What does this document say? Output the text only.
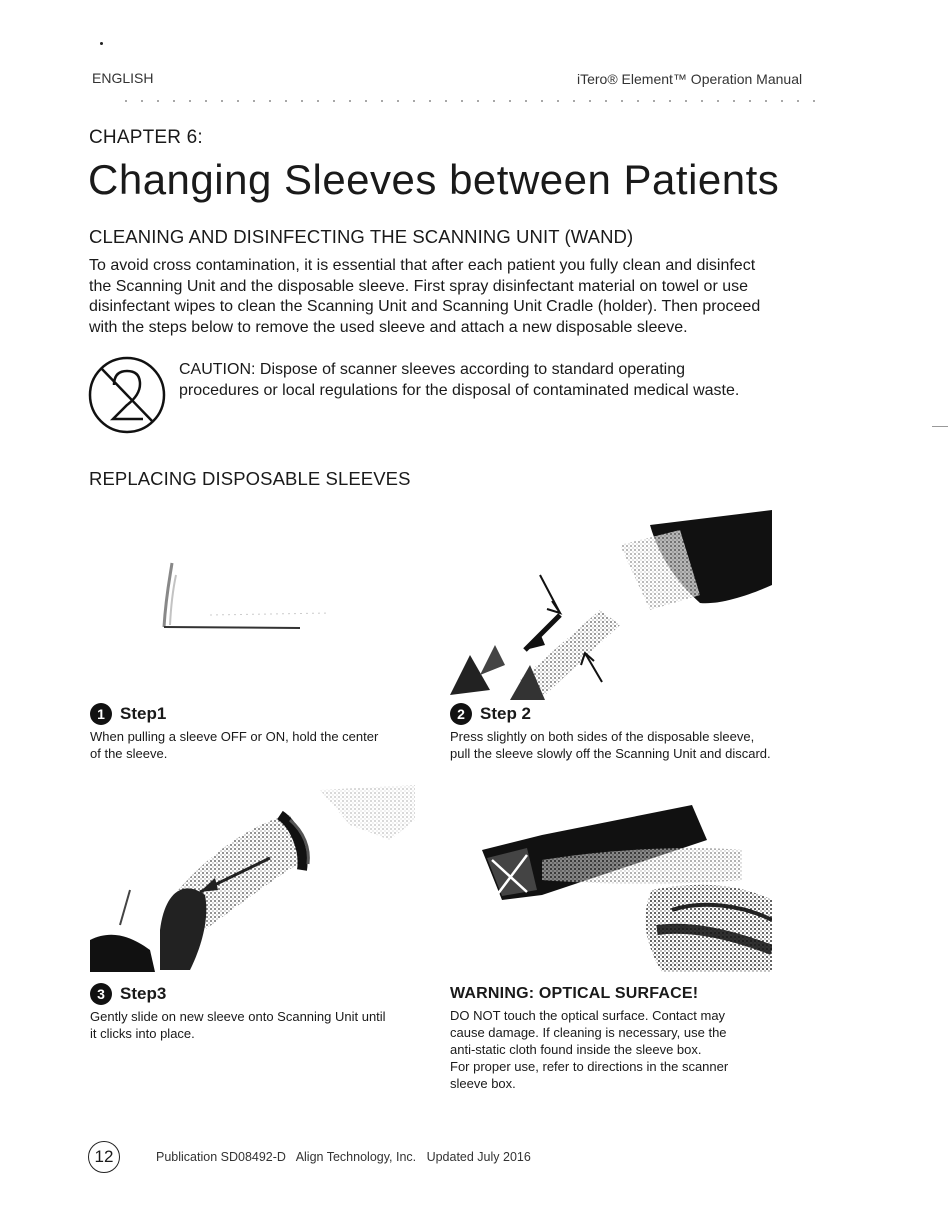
ENGLISH	iTero® Element™ Operation Manual
CHAPTER 6:
Changing Sleeves between Patients
CLEANING AND DISINFECTING THE SCANNING UNIT (WAND)
To avoid cross contamination, it is essential that after each patient you fully clean and disinfect
the Scanning Unit and the disposable sleeve. First spray disinfectant material on towel or use
disinfectant wipes to clean the Scanning Unit and Scanning Unit Cradle (holder). Then proceed
with the steps below to remove the used sleeve and attach a new disposable sleeve.
CAUTION: Dispose of scanner sleeves according to standard operating
procedures or local regulations for the disposal of contaminated medical waste.
REPLACING DISPOSABLE SLEEVES
1 Step1
When pulling a sleeve OFF or ON, hold the center
of the sleeve.
2 Step 2
Press slightly on both sides of the disposable sleeve,
pull the sleeve slowly off the Scanning Unit and discard.
3 Step3
Gently slide on new sleeve onto Scanning Unit until
it clicks into place.
WARNING: OPTICAL SURFACE!
DO NOT touch the optical surface. Contact may
cause damage. If cleaning is necessary, use the
anti-static cloth found inside the sleeve box.
For proper use, refer to directions in the scanner
sleeve box.
12	Publication SD08492-D Align Technology, Inc. Updated July 2016
